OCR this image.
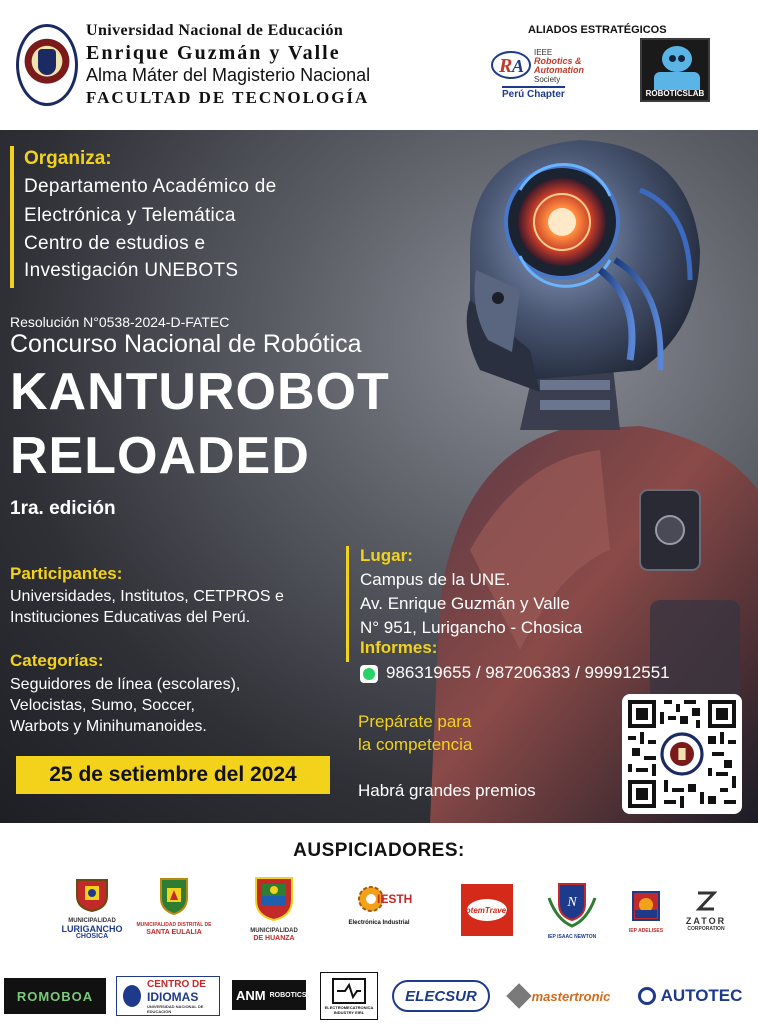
Universidad Nacional de Educación
Enrique Guzmán y Valle
Alma Máter del Magisterio Nacional
FACULTAD DE TECNOLOGÍA
ALIADOS ESTRATÉGICOS
R A
IEEE
Robotics &
Automation
Society
Perú Chapter	ROBOTICSLAB
Organiza:
Departamento Académico de
Electrónica y Telemática
Centro de estudios e
Investigación UNEBOTS
Resolución N°0538-2024-D-FATEC
Concurso Nacional de Robótica
KANTUROBOT
RELOADED
1ra. edición
Participantes:
Universidades, Institutos, CETPROS e
Instituciones Educativas del Perú.
Categorías:
Seguidores de línea (escolares),
Velocistas, Sumo, Soccer,
Warbots y Minihumanoides.
25 de setiembre del 2024
Lugar:
Campus de la UNE.
Av. Enrique Guzmán y Valle
N° 951, Lurigancho - Chosica
Informes:
986319655 / 987206383 / 999912551
Prepárate para
la competencia
Habrá grandes premios
AUSPICIADORES:
MUNICIPALIDAD
LURIGANCHO
CHOSICA
MUNICIPALIDAD DISTRITAL DE
SANTA EULALIA	MUNICIPALIDAD
DE HUANZA
IESTH
Electrónica Industrial
TotemTravels
N
IEP ISAAC NEWTON
IEP ADELISES
ZATOR
CORPORATION
ROMOBOA
CENTRO DE
IDIOMAS
UNIVERSIDAD NACIONAL DE EDUCACIÓN
ANM ROBOTICS
ELECTROMECATRONICA INDUSTRY EIRL
ELECSUR	mastertronic	AUTOTEC
